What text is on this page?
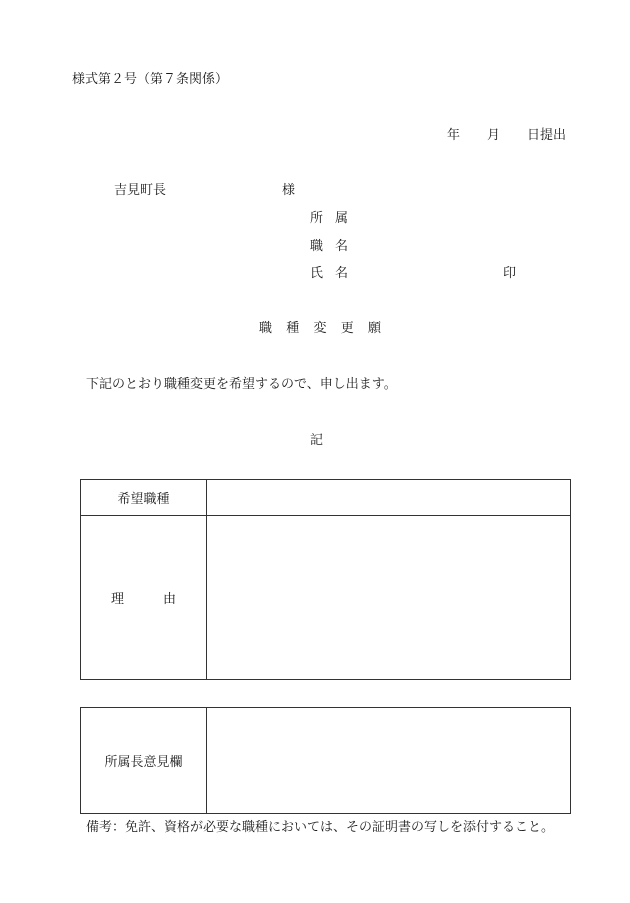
様式第２号（第７条関係）
年 月 日提出
吉見町長	様
所 属
職 名
氏 名	印
職 種 変 更 願
下記のとおり職種変更を希望するので、申し出ます。
記
希望職種	

理 由	

所属長意見欄	
備考：免許、資格が必要な職種においては、その証明書の写しを添付すること。
